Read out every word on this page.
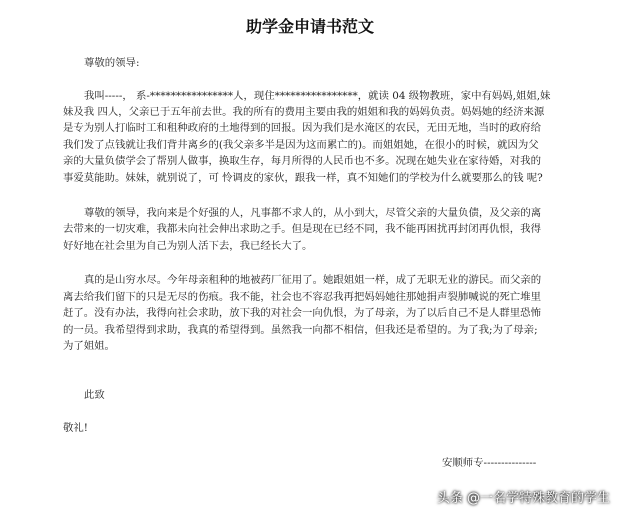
助学金申请书范文
尊敬的领导:
我叫-----， 系-****************人，现住****************，就读 04 级物教班，家中有妈妈,姐姐,妹
妹及我 四人，父亲已于五年前去世。我的所有的费用主要由我的姐姐和我的妈妈负责。妈妈她的经济来源
是专为别人打临时工和租种政府的土地得到的回报。因为我们是水淹区的农民，无田无地，当时的政府给
我们发了点钱就让我们背井离乡的(我父亲多半是因为这而累亡的)。而姐姐她，在很小的时候，就因为父
亲的大量负债学会了帮别人做事，换取生存，每月所得的人民币也不多。况现在她失业在家待婚，对我的
事爱莫能助。妹妹，就别说了，可 怜调皮的家伙，跟我一样，真不知她们的学校为什么就要那么的钱 呢?
尊敬的领导，我向来是个好强的人，凡事都不求人的，从小到大，尽管父亲的大量负债，及父亲的离
去带来的一切灾难，我都未向社会伸出求助之手。但是现在已经不同，我不能再困扰再封闭再仇恨，我得
好好地在社会里为自己为别人活下去，我已经长大了。
真的是山穷水尽。今年母亲租种的地被药厂征用了。她跟姐姐一样，成了无职无业的游民。而父亲的
离去给我们留下的只是无尽的伤痕。我不能，社会也不容忍我再把妈妈她往那她捐声裂肺喊说的死亡堆里
赶了。没有办法，我得向社会求助，放下我的对社会一向仇恨，为了母亲，为了以后自己不是人群里恐怖
的一员。我希望得到求助，我真的希望得到。虽然我一向都不相信，但我还是希望的。为了我;为了母亲;
为了姐姐。
此致
敬礼!
安顺师专---------------
头条 @一名学特殊教育的学生
